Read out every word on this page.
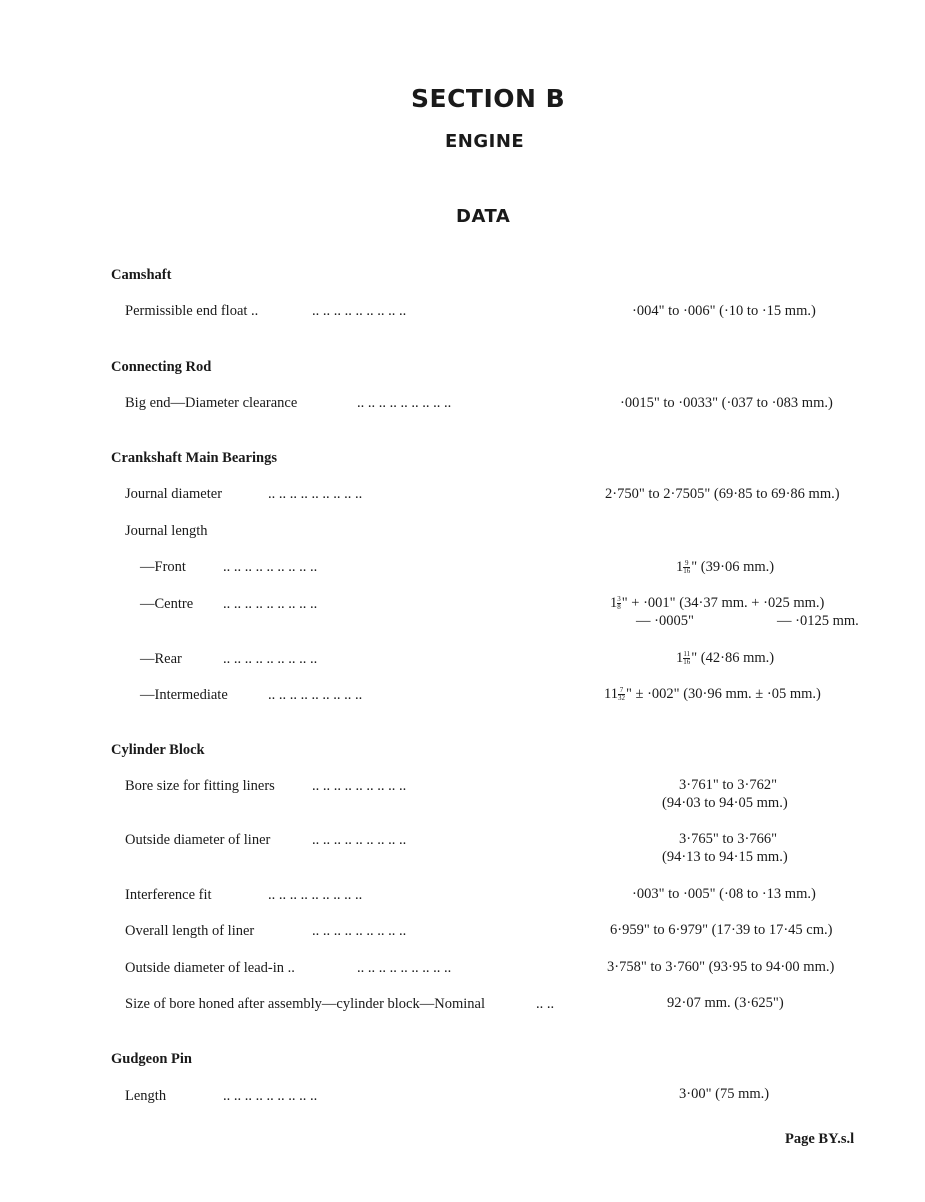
SECTION B
ENGINE
DATA
Camshaft
Permissible end float ..	.. .. .. .. .. .. .. .. ..	·004" to ·006" (·10 to ·15 mm.)
Connecting Rod
Big end—Diameter clearance	.. .. .. .. .. .. .. .. ..	·0015" to ·0033" (·037 to ·083 mm.)
Crankshaft Main Bearings
Journal diameter	.. .. .. .. .. .. .. .. ..	2·750" to 2·7505" (69·85 to 69·86 mm.)
Journal length
—Front	.. .. .. .. .. .. .. .. ..	$1 \frac{9}{16}$ " (39·06 mm.)
—Centre .. .. .. .. .. .. .. .. ..	$1 \frac{3}{8}$ " + ·001" (34·37 mm. + ·025 mm.)
— ·0005"	— ·0125 mm.
—Rear	.. .. .. .. .. .. .. .. ..	$1 \frac{11}{16}$ " (42·86 mm.)
—Intermediate	.. .. .. .. .. .. .. .. ..	$11 \frac{7}{32}$ " ± ·002" (30·96 mm. ± ·05 mm.)
Cylinder Block
Bore size for fitting liners	.. .. .. .. .. .. .. .. ..	3·761" to 3·762"
(94·03 to 94·05 mm.)
Outside diameter of liner	.. .. .. .. .. .. .. .. ..	3·765" to 3·766"
(94·13 to 94·15 mm.)
Interference fit	.. .. .. .. .. .. .. .. ..	·003" to ·005" (·08 to ·13 mm.)
Overall length of liner	.. .. .. .. .. .. .. .. ..	6·959" to 6·979" (17·39 to 17·45 cm.)
Outside diameter of lead-in ..	.. .. .. .. .. .. .. .. ..	3·758" to 3·760" (93·95 to 94·00 mm.)
Size of bore honed after assembly—cylinder block—Nominal	.. ..	92·07 mm. (3·625")
Gudgeon Pin
Length	.. .. .. .. .. .. .. .. ..	3·00" (75 mm.)
Page BY.s.l
